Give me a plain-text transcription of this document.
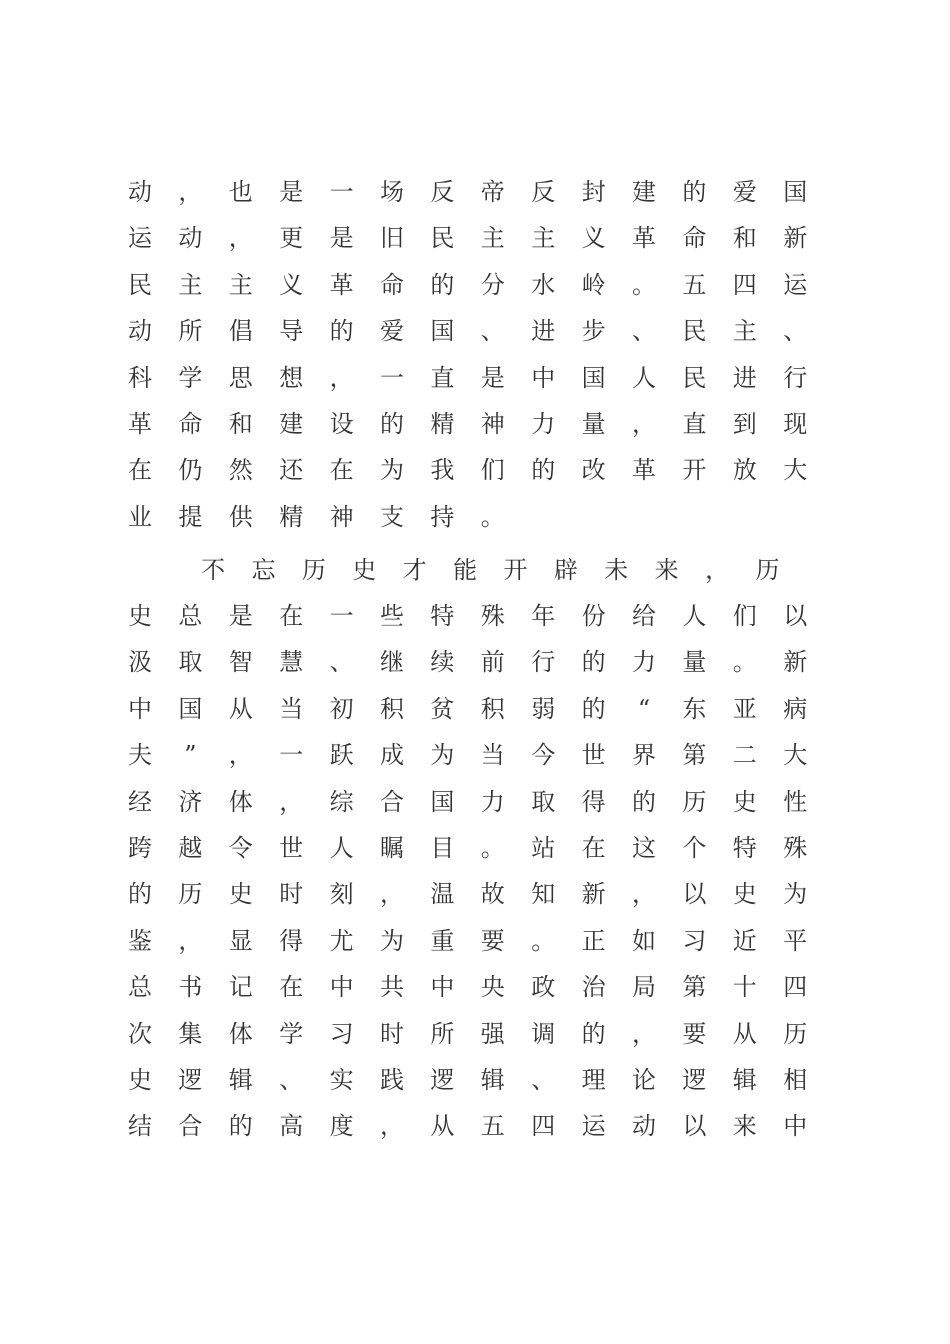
动 ， 也 是 一 场 反 帝 反 封 建 的 爱 国
运 动 ， 更 是 旧 民 主 主 义 革 命 和 新
民 主 主 义 革 命 的 分 水 岭 。 五 四 运
动 所 倡 导 的 爱 国 、 进 步 、 民 主 、
科 学 思 想 ， 一 直 是 中 国 人 民 进 行
革 命 和 建 设 的 精 神 力 量 ， 直 到 现
在 仍 然 还 在 为 我 们 的 改 革 开 放 大
业 提 供 精 神 支 持 。
不 忘 历 史 才 能 开 辟 未 来 ， 历
史 总 是 在 一 些 特 殊 年 份 给 人 们 以
汲 取 智 慧 、 继 续 前 行 的 力 量 。 新
中 国 从 当 初 积 贫 积 弱 的	“	东 亚 病
夫	”	， 一 跃 成 为 当 今 世 界 第 二 大
经 济 体 ， 综 合 国 力 取 得 的 历 史 性
跨 越 令 世 人 瞩 目 。 站 在 这 个 特 殊
的 历 史 时 刻 ， 温 故 知 新 ， 以 史 为
鉴 ， 显 得 尤 为 重 要 。 正 如 习 近 平
总 书 记 在 中 共 中 央 政 治 局 第 十 四
次 集 体 学 习 时 所 强 调 的 ， 要 从 历
史 逻 辑 、 实 践 逻 辑 、 理 论 逻 辑 相
结 合 的 高 度 ， 从 五 四 运 动 以 来 中
